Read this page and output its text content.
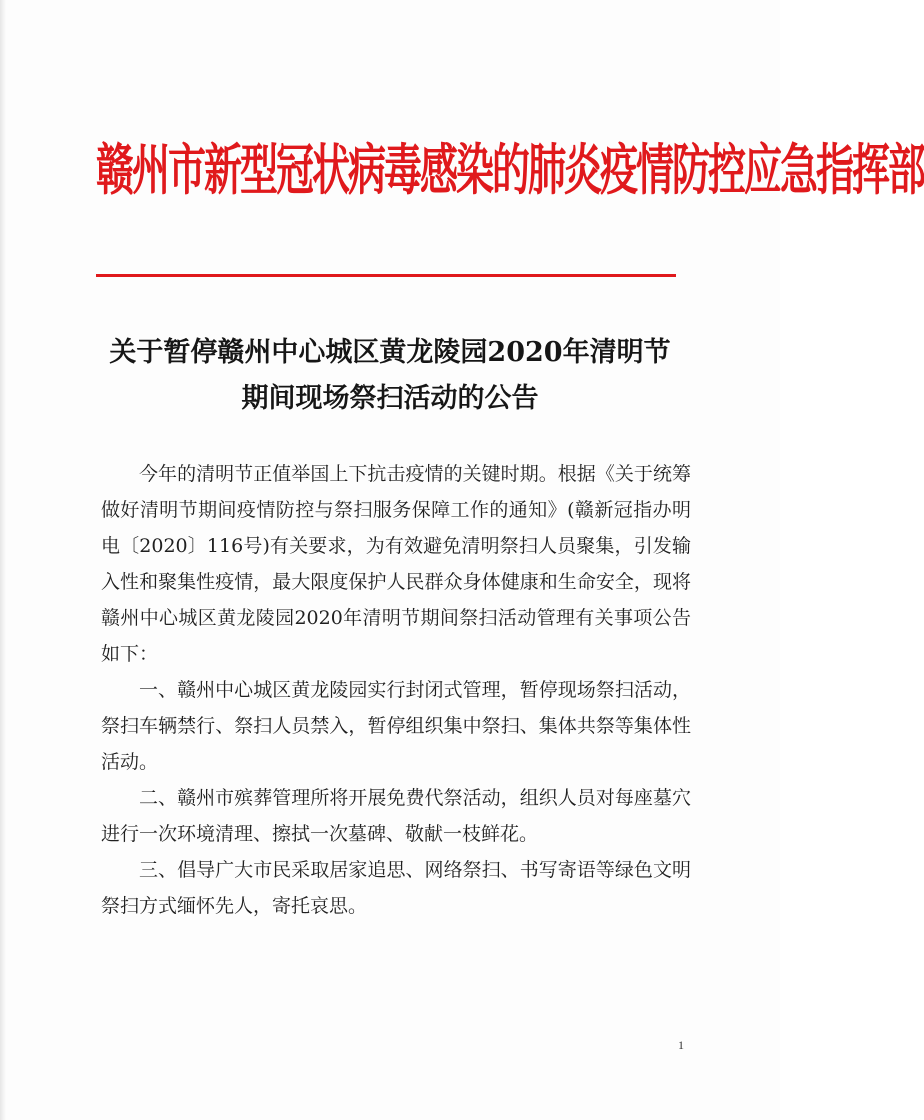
赣州市新型冠状病毒感染的肺炎疫情防控应急指挥部
关于暂停赣州中心城区黄龙陵园2020年清明节
期间现场祭扫活动的公告

今年的清明节正值举国上下抗击疫情的关键时期。根据《关于统筹做好清明节期间疫情防控与祭扫服务保障工作的通知》(赣新冠指办明电〔2020〕116号)有关要求，为有效避免清明祭扫人员聚集，引发输入性和聚集性疫情，最大限度保护人民群众身体健康和生命安全，现将赣州中心城区黄龙陵园2020年清明节期间祭扫活动管理有关事项公告如下：

一、赣州中心城区黄龙陵园实行封闭式管理，暂停现场祭扫活动，祭扫车辆禁行、祭扫人员禁入，暂停组织集中祭扫、集体共祭等集体性活动。

二、赣州市殡葬管理所将开展免费代祭活动，组织人员对每座墓穴进行一次环境清理、擦拭一次墓碑、敬献一枝鲜花。

三、倡导广大市民采取居家追思、网络祭扫、书写寄语等绿色文明祭扫方式缅怀先人，寄托哀思。

1
